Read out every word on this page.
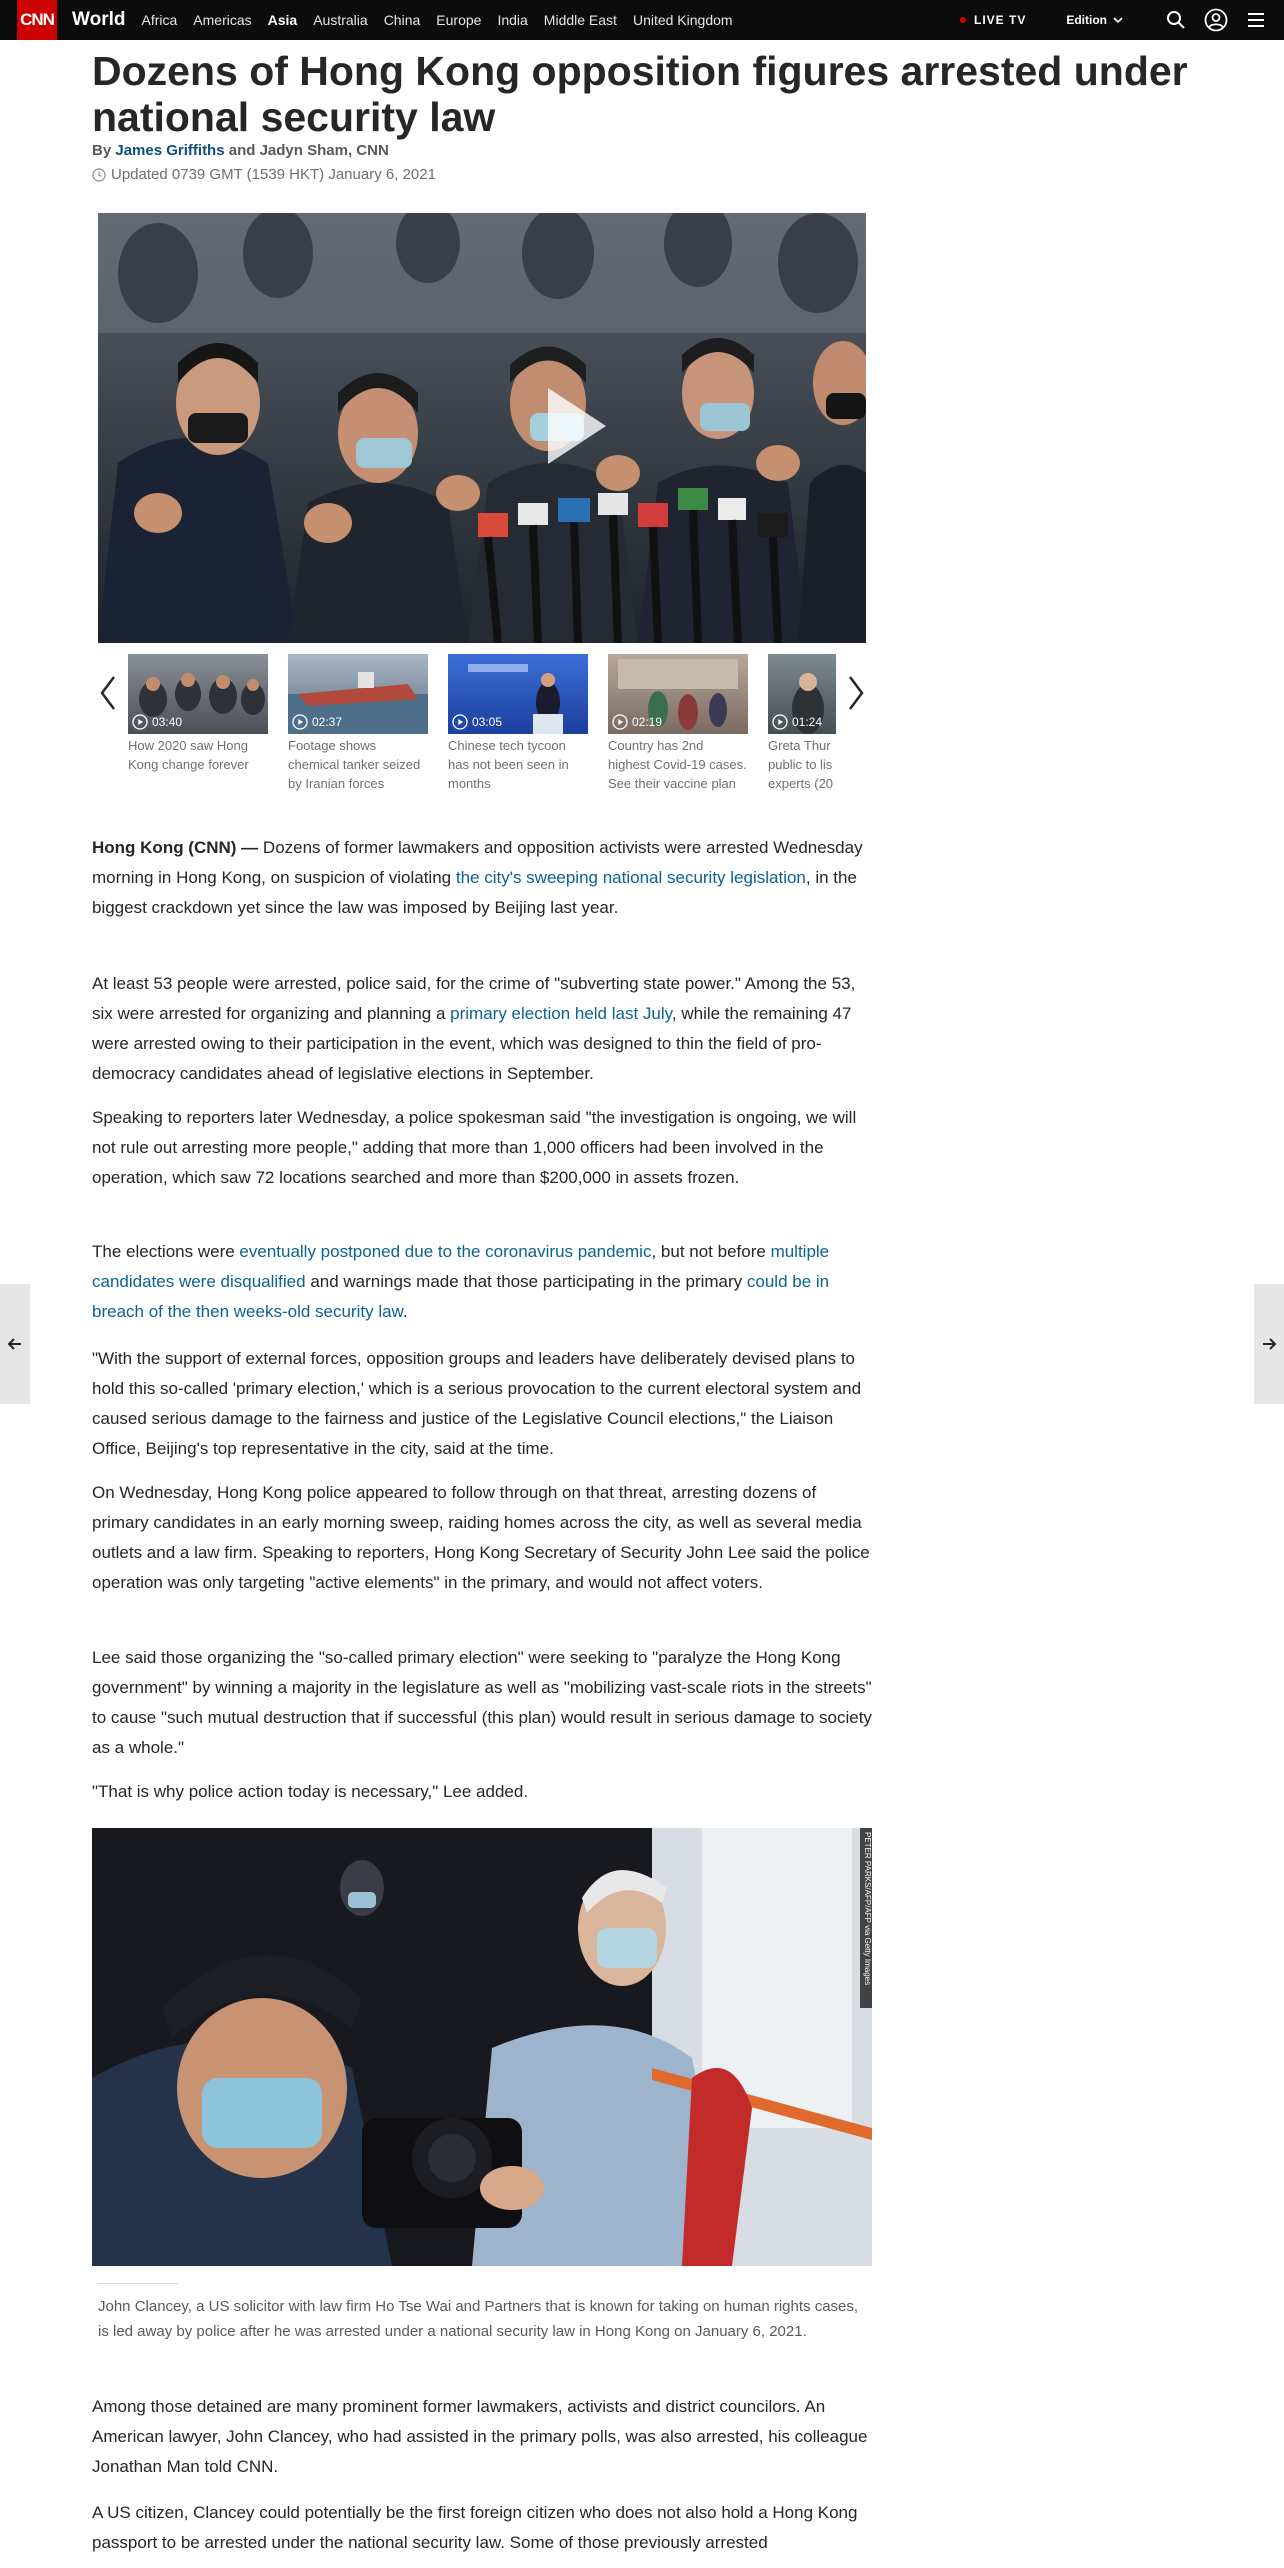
CNN World Africa Americas Asia Australia China Europe India Middle East United Kingdom	LIVE TV	Edition
Dozens of Hong Kong opposition figures arrested under national security law
By James Griffiths and Jadyn Sham, CNN
Updated 0739 GMT (1539 HKT) January 6, 2021
03:40
How 2020 saw Hong Kong change forever
02:37
Footage shows chemical tanker seized by Iranian forces
03:05
Chinese tech tycoon has not been seen in months
02:19
Country has 2nd highest Covid-19 cases. See their vaccine plan
01:24
Greta Thur public to lis experts (20

Hong Kong (CNN) — Dozens of former lawmakers and opposition activists were arrested Wednesday morning in Hong Kong, on suspicion of violating the city's sweeping national security legislation, in the biggest crackdown yet since the law was imposed by Beijing last year.

At least 53 people were arrested, police said, for the crime of "subverting state power." Among the 53, six were arrested for organizing and planning a primary election held last July, while the remaining 47 were arrested owing to their participation in the event, which was designed to thin the field of pro-democracy candidates ahead of legislative elections in September.

Speaking to reporters later Wednesday, a police spokesman said "the investigation is ongoing, we will not rule out arresting more people," adding that more than 1,000 officers had been involved in the operation, which saw 72 locations searched and more than $200,000 in assets frozen.

The elections were eventually postponed due to the coronavirus pandemic, but not before multiple candidates were disqualified and warnings made that those participating in the primary could be in breach of the then weeks-old security law.

"With the support of external forces, opposition groups and leaders have deliberately devised plans to hold this so-called 'primary election,' which is a serious provocation to the current electoral system and caused serious damage to the fairness and justice of the Legislative Council elections," the Liaison Office, Beijing's top representative in the city, said at the time.

On Wednesday, Hong Kong police appeared to follow through on that threat, arresting dozens of primary candidates in an early morning sweep, raiding homes across the city, as well as several media outlets and a law firm. Speaking to reporters, Hong Kong Secretary of Security John Lee said the police operation was only targeting "active elements" in the primary, and would not affect voters.

Lee said those organizing the "so-called primary election" were seeking to "paralyze the Hong Kong government" by winning a majority in the legislature as well as "mobilizing vast-scale riots in the streets" to cause "such mutual destruction that if successful (this plan) would result in serious damage to society as a whole."

"That is why police action today is necessary," Lee added.

PETER PARKS/AFP/AFP via Getty Images

John Clancey, a US solicitor with law firm Ho Tse Wai and Partners that is known for taking on human rights cases, is led away by police after he was arrested under a national security law in Hong Kong on January 6, 2021.

Among those detained are many prominent former lawmakers, activists and district councilors. An American lawyer, John Clancey, who had assisted in the primary polls, was also arrested, his colleague Jonathan Man told CNN.

A US citizen, Clancey could potentially be the first foreign citizen who does not also hold a Hong Kong passport to be arrested under the national security law. Some of those previously arrested
